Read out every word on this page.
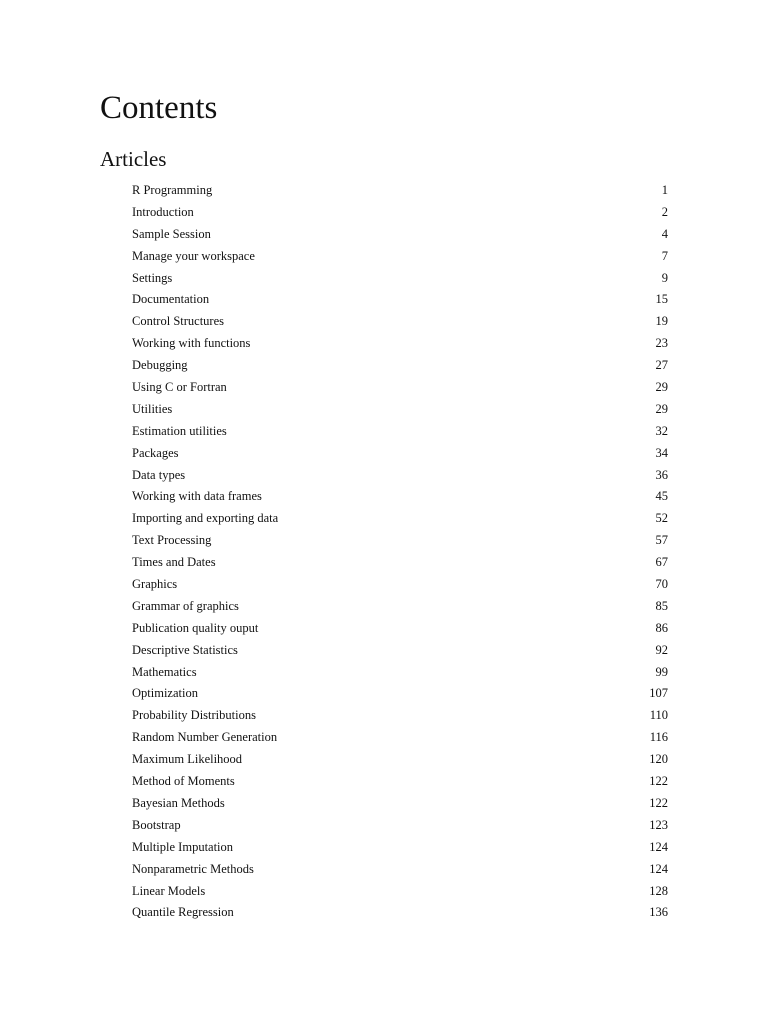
Contents
Articles
R Programming	1
Introduction	2
Sample Session	4
Manage your workspace	7
Settings	9
Documentation	15
Control Structures	19
Working with functions	23
Debugging	27
Using C or Fortran	29
Utilities	29
Estimation utilities	32
Packages	34
Data types	36
Working with data frames	45
Importing and exporting data	52
Text Processing	57
Times and Dates	67
Graphics	70
Grammar of graphics	85
Publication quality ouput	86
Descriptive Statistics	92
Mathematics	99
Optimization	107
Probability Distributions	110
Random Number Generation	116
Maximum Likelihood	120
Method of Moments	122
Bayesian Methods	122
Bootstrap	123
Multiple Imputation	124
Nonparametric Methods	124
Linear Models	128
Quantile Regression	136
